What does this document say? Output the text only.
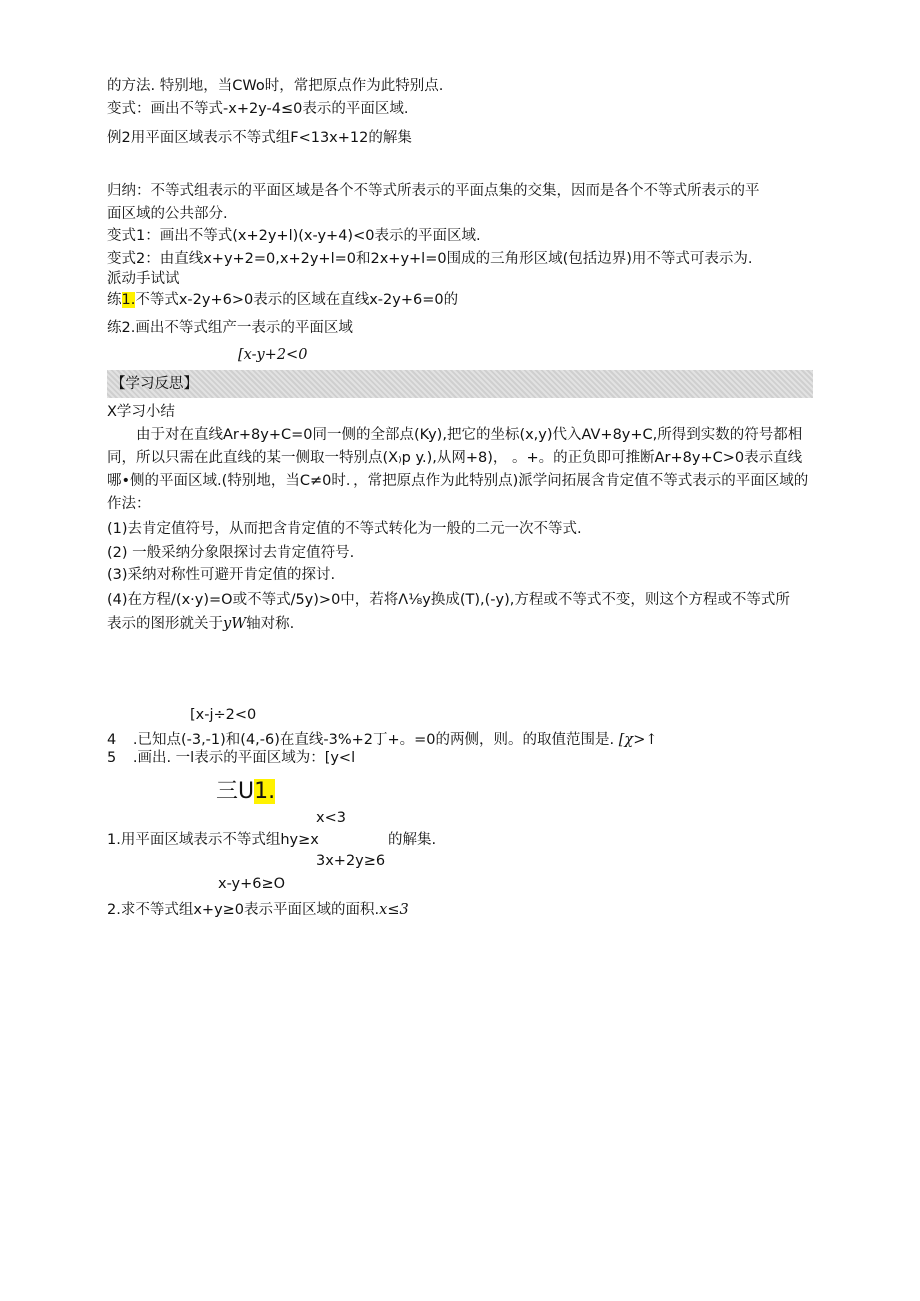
的方法. 特别地，当CWo时，常把原点作为此特别点.
变式：画出不等式-x+2y-4≤0表示的平面区域.
例2用平面区域表示不等式组F<13x+12的解集
归纳：不等式组表示的平面区域是各个不等式所表示的平面点集的交集，因而是各个不等式所表示的平
面区域的公共部分.
变式1：画出不等式(x+2y+l)(x-y+4)<0表示的平面区域.
变式2：由直线x+y+2=0,x+2y+l=0和2x+y+l=0围成的三角形区域(包括边界)用不等式可表示为.
派动手试试
练1.不等式x-2y+6>0表示的区域在直线x-2y+6=0的
练2.画出不等式组产一表示的平面区域
[x-y+2<0
【学习反思】
X学习小结
由于对在直线Ar+8y+C=0同一侧的全部点(Ky),把它的坐标(x,y)代入AV+8y+C,所得到实数的符号都相同，所以只需在此直线的某一侧取一特别点(X₎p y.),从网+8)， 。+。的正负即可推断Ar+8y+C>0表示直线哪•侧的平面区域.(特别地，当C≠0时．，常把原点作为此特别点)派学问拓展含肯定值不等式表示的平面区域的作法：
(1)去肯定值符号，从而把含肯定值的不等式转化为一般的二元一次不等式.
(2) 一般采纳分象限探讨去肯定值符号.
(3)采纳对称性可避开肯定值的探讨.
(4)在方程/(x·y)=O或不等式∕5y)>0中，若将Λ⅛y换成(T),(-y),方程或不等式不变，则这个方程或不等式所
表示的图形就关于yW轴对称.
[x-j÷2<0
4 .已知点(-3,-1)和(4,-6)在直线-3%+2丁+。=0的两侧，则。的取值范围是. [χ>↑
5 .画出. 一l表示的平面区域为：[y<l
三U1.
x<3
1.用平面区域表示不等式组hy≥x	的解集.
3x+2y≥6
x-y+6≥O
2.求不等式组x+y≥0表示平面区域的面积.x≤3
